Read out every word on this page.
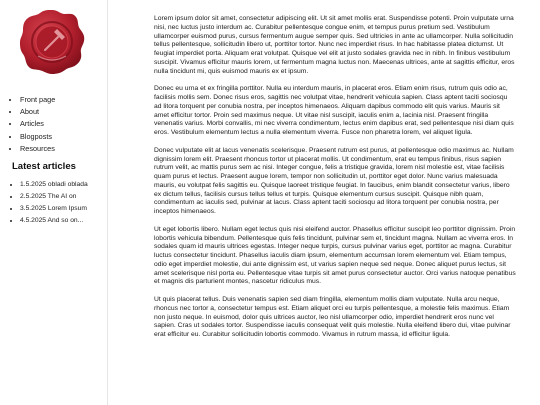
• Front page
• About
• Articles
• Blogposts
• Resources
Latest articles
• 1.5.2025 obladi oblada
• 2.5.2025 The AI on
• 3.5.2025 Lorem Ipsum
• 4.5.2025 And so on...

Lorem ipsum dolor sit amet, consectetur adipiscing elit. Ut sit amet mollis erat. Suspendisse potenti. Proin vulputate urna nisi, nec luctus justo interdum ac. Curabitur pellentesque congue enim, et tempus purus pretium sed. Vestibulum ullamcorper euismod purus, cursus fermentum augue semper quis. Sed ultricies in ante ac ullamcorper. Nulla sollicitudin tellus pellentesque, sollicitudin libero ut, porttitor tortor. Nunc nec imperdiet risus. In hac habitasse platea dictumst. Ut feugiat imperdiet porta. Aliquam erat volutpat. Quisque vel elit at justo sodales gravida nec in nibh. In finibus vestibulum suscipit. Vivamus efficitur mauris lorem, ut fermentum magna luctus non. Maecenas ultrices, ante at sagittis efficitur, eros nulla tincidunt mi, quis euismod mauris ex et ipsum.

Donec eu urna et ex fringilla porttitor. Nulla eu interdum mauris, in placerat eros. Etiam enim risus, rutrum quis odio ac, facilisis mollis sem. Donec risus eros, sagittis nec volutpat vitae, hendrerit vehicula sapien. Class aptent taciti sociosqu ad litora torquent per conubia nostra, per inceptos himenaeos. Aliquam dapibus commodo elit quis varius. Mauris sit amet efficitur tortor. Proin sed maximus neque. Ut vitae nisl suscipit, iaculis enim a, lacinia nisl. Praesent fringilla venenatis varius. Morbi convallis, mi nec viverra condimentum, lectus enim dapibus erat, sed pellentesque nisi diam quis eros. Vestibulum elementum lectus a nulla elementum viverra. Fusce non pharetra lorem, vel aliquet ligula.

Donec vulputate elit at lacus venenatis scelerisque. Praesent rutrum est purus, at pellentesque odio maximus ac. Nullam dignissim lorem elit. Praesent rhoncus tortor ut placerat mollis. Ut condimentum, erat eu tempus finibus, risus sapien rutrum velit, ac mattis purus sem ac nisi. Integer congue, felis a tristique gravida, lorem nisl molestie est, vitae facilisis quam purus et lectus. Praesent augue lorem, tempor non sollicitudin ut, porttitor eget dolor. Nunc varius malesuada mauris, eu volutpat felis sagittis eu. Quisque laoreet tristique feugiat. In faucibus, enim blandit consectetur varius, libero ex dictum tellus, facilisis cursus tellus tellus et turpis. Quisque elementum cursus suscipit. Quisque nibh quam, condimentum ac iaculis sed, pulvinar at lacus. Class aptent taciti sociosqu ad litora torquent per conubia nostra, per inceptos himenaeos.

Ut eget lobortis libero. Nullam eget lectus quis nisi eleifend auctor. Phasellus efficitur suscipit leo porttitor dignissim. Proin lobortis vehicula bibendum. Pellentesque quis felis tincidunt, pulvinar sem et, tincidunt magna. Nullam ac viverra eros. In sodales quam id mauris ultrices egestas. Integer neque turpis, cursus pulvinar varius eget, porttitor ac magna. Curabitur luctus consectetur tincidunt. Phasellus iaculis diam ipsum, elementum accumsan lorem elementum vel. Etiam tempus, odio eget imperdiet molestie, dui ante dignissim est, ut varius sapien neque sed neque. Donec aliquet purus lectus, sit amet scelerisque nisl porta eu. Pellentesque vitae turpis sit amet purus consectetur auctor. Orci varius natoque penatibus et magnis dis parturient montes, nascetur ridiculus mus.

Ut quis placerat tellus. Duis venenatis sapien sed diam fringilla, elementum mollis diam vulputate. Nulla arcu neque, rhoncus nec tortor a, consectetur tempus est. Etiam aliquet orci eu turpis pellentesque, a molestie felis maximus. Etiam non justo neque. In euismod, dolor quis ultrices auctor, leo nisl ullamcorper odio, imperdiet hendrerit eros nunc vel sapien. Cras ut sodales tortor. Suspendisse iaculis consequat velit quis molestie. Nulla eleifend libero dui, vitae pulvinar erat efficitur eu. Curabitur sollicitudin lobortis commodo. Vivamus in rutrum massa, id efficitur ligula.
